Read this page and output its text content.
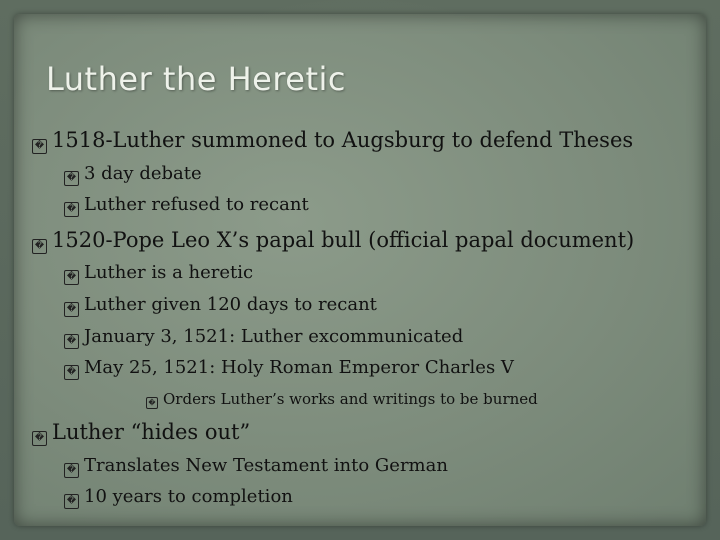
Luther the Heretic
� 1518-Luther summoned to Augsburg to defend Theses
� 3 day debate
� Luther refused to recant
� 1520-Pope Leo X’s papal bull (official papal document)
� Luther is a heretic
� Luther given 120 days to recant
� January 3, 1521: Luther excommunicated
� May 25, 1521: Holy Roman Emperor Charles V
� Orders Luther’s works and writings to be burned
� Luther “hides out”
� Translates New Testament into German
� 10 years to completion
